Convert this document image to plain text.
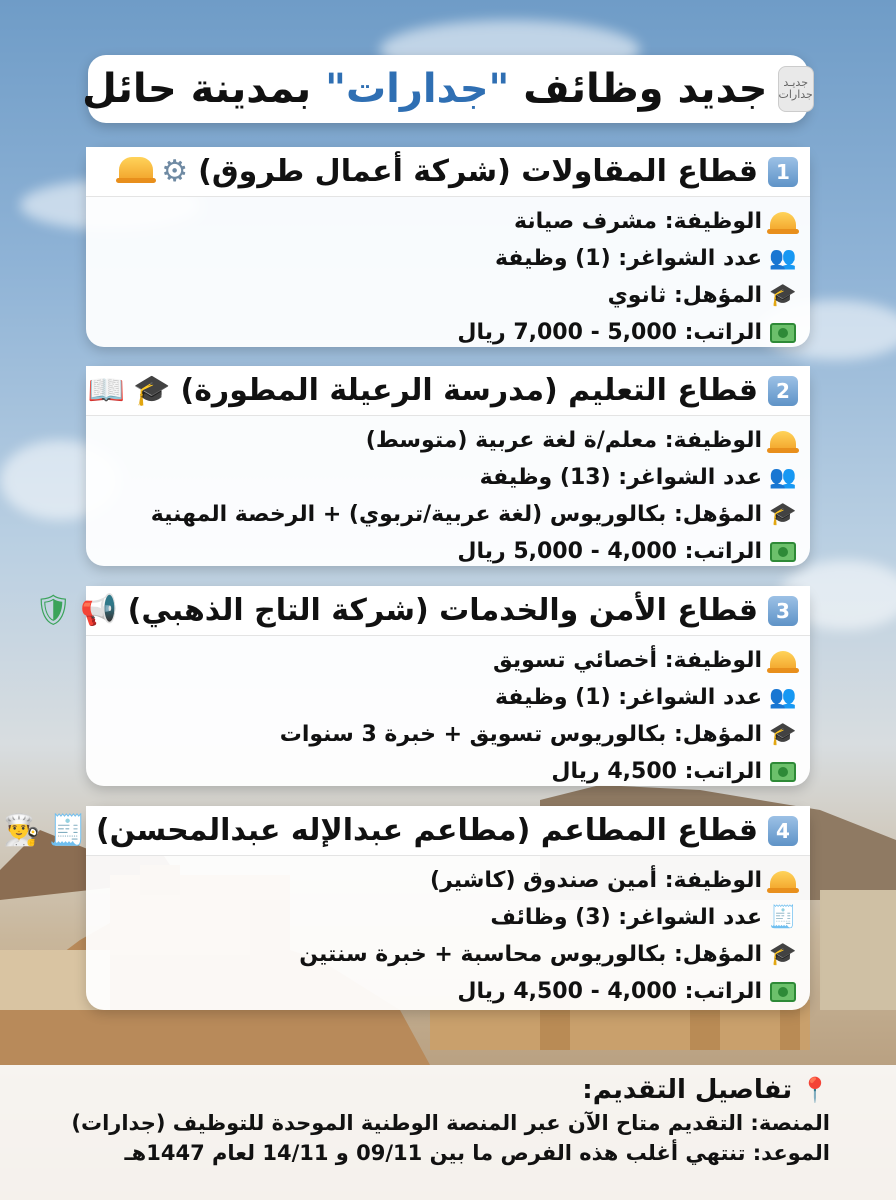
جديـد
جدارات
جديد وظائف "جدارات" بمدينة حائل
1
قطاع المقاولات (شركة أعمال طروق)
⚙
الوظيفة: مشرف صيانة
👥
عدد الشواغر: (1) وظيفة
🎓
المؤهل: ثانوي
الراتب: 5,000 - 7,000 ريال
2
قطاع التعليم (مدرسة الرعيلة المطورة)
🎓
📖
الوظيفة: معلم/ة لغة عربية (متوسط)
👥
عدد الشواغر: (13) وظيفة
🎓
المؤهل: بكالوريوس (لغة عربية/تربوي) + الرخصة المهنية
الراتب: 4,000 - 5,000 ريال
3
قطاع الأمن والخدمات (شركة التاج الذهبي)
📢
🛡
الوظيفة: أخصائي تسويق
👥
عدد الشواغر: (1) وظيفة
🎓
المؤهل: بكالوريوس تسويق + خبرة 3 سنوات
الراتب: 4,500 ريال
4
قطاع المطاعم (مطاعم عبدالإله عبدالمحسن)
🧾
👨‍🍳
الوظيفة: أمين صندوق (كاشير)
🧾
عدد الشواغر: (3) وظائف
🎓
المؤهل: بكالوريوس محاسبة + خبرة سنتين
الراتب: 4,000 - 4,500 ريال
📍
تفاصيل التقديم:
المنصة: التقديم متاح الآن عبر المنصة الوطنية الموحدة للتوظيف (جدارات)
الموعد: تنتهي أغلب هذه الفرص ما بين 09/11 و 14/11 لعام 1447هـ
